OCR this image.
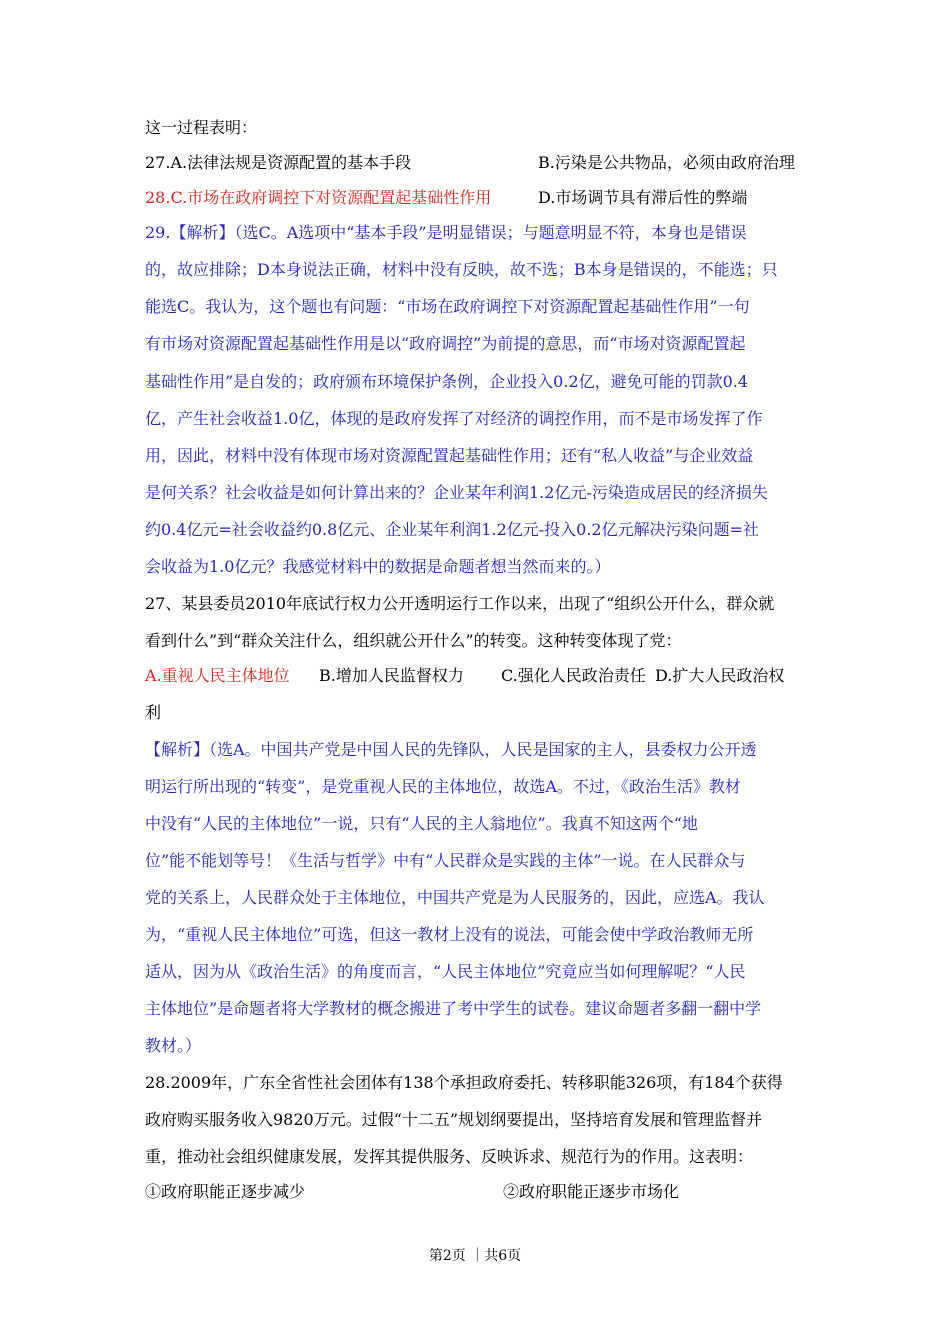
这一过程表明：
27.A.法律法规是资源配置的基本手段	B.污染是公共物品，必须由政府治理
28.C.市场在政府调控下对资源配置起基础性作用	D.市场调节具有滞后性的弊端
29.【解析】（选C。A选项中“基本手段”是明显错误；与题意明显不符，本身也是错误
的，故应排除；D本身说法正确，材料中没有反映，故不选；B本身是错误的，不能选；只
能选C。我认为，这个题也有问题：“市场在政府调控下对资源配置起基础性作用”一句
有市场对资源配置起基础性作用是以“政府调控”为前提的意思，而“市场对资源配置起
基础性作用”是自发的；政府颁布环境保护条例，企业投入0.2亿，避免可能的罚款0.4
亿，产生社会收益1.0亿，体现的是政府发挥了对经济的调控作用，而不是市场发挥了作
用，因此，材料中没有体现市场对资源配置起基础性作用；还有“私人收益”与企业效益
是何关系？社会收益是如何计算出来的？企业某年利润1.2亿元-污染造成居民的经济损失
约0.4亿元=社会收益约0.8亿元、企业某年利润1.2亿元-投入0.2亿元解决污染问题=社
会收益为1.0亿元？我感觉材料中的数据是命题者想当然而来的。）
27、某县委员2010年底试行权力公开透明运行工作以来，出现了“组织公开什么，群众就
看到什么”到“群众关注什么，组织就公开什么”的转变。这种转变体现了党：
A.重视人民主体地位 B.增加人民监督权力 C.强化人民政治责任 D.扩大人民政治权
利
【解析】（选A。中国共产党是中国人民的先锋队，人民是国家的主人，县委权力公开透
明运行所出现的“转变”，是党重视人民的主体地位，故选A。不过，《政治生活》教材
中没有“人民的主体地位”一说，只有“人民的主人翁地位”。我真不知这两个“地
位”能不能划等号！《生活与哲学》中有“人民群众是实践的主体”一说。在人民群众与
党的关系上，人民群众处于主体地位，中国共产党是为人民服务的，因此，应选A。我认
为，“重视人民主体地位”可选，但这一教材上没有的说法，可能会使中学政治教师无所
适从，因为从《政治生活》的角度而言，“人民主体地位”究竟应当如何理解呢？“人民
主体地位”是命题者将大学教材的概念搬进了考中学生的试卷。建议命题者多翻一翻中学
教材。）
28.2009年，广东全省性社会团体有138个承担政府委托、转移职能326项，有184个获得
政府购买服务收入9820万元。过假“十二五”规划纲要提出，坚持培育发展和管理监督并
重，推动社会组织健康发展，发挥其提供服务、反映诉求、规范行为的作用。这表明：
①政府职能正逐步减少	②政府职能正逐步市场化
第2页 ｜共6页
